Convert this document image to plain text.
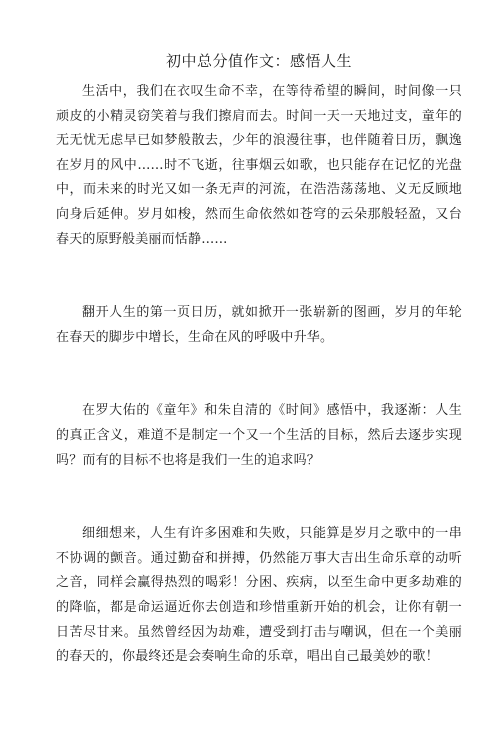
初中总分值作文：感悟人生

生活中，我们在衣叹生命不幸，在等待希望的瞬间，时间像一只 顽皮的小精灵窃笑着与我们擦肩而去。时间一天一天地过支，童年的 无无忧无虑早已如梦般散去，少年的浪漫往事，也伴随着日历，飘逸 在岁月的风中……时不飞逝，往事烟云如歌，也只能存在记忆的光盘 中，而未来的时光又如一条无声的河流，在浩浩荡荡地、义无反顾地 向身后延伸。岁月如梭，然而生命依然如苍穹的云朵那般轻盈，又台 春天的原野般美丽而恬静……

翻开人生的第一页日历，就如掀开一张崭新的图画，岁月的年轮 在春天的脚步中增长，生命在风的呼吸中升华。

在罗大佑的《童年》和朱自清的《时间》感悟中，我逐渐：人生 的真正含义，难道不是制定一个又一个生活的目标，然后去逐步实现 吗？而有的目标不也将是我们一生的追求吗？

细细想来，人生有许多困难和失败，只能算是岁月之歌中的一串 不协调的颤音。通过勤奋和拼搏，仍然能万事大吉出生命乐章的动听 之音，同样会赢得热烈的喝彩！分困、疾病，以至生命中更多劫难的 的降临，都是命运逼近你去创造和珍惜重新开始的机会，让你有朝一 日苦尽甘来。虽然曾经因为劫难，遭受到打击与嘲讽，但在一个美丽 的春天的，你最终还是会奏响生命的乐章，唱出自己最美妙的歌！
